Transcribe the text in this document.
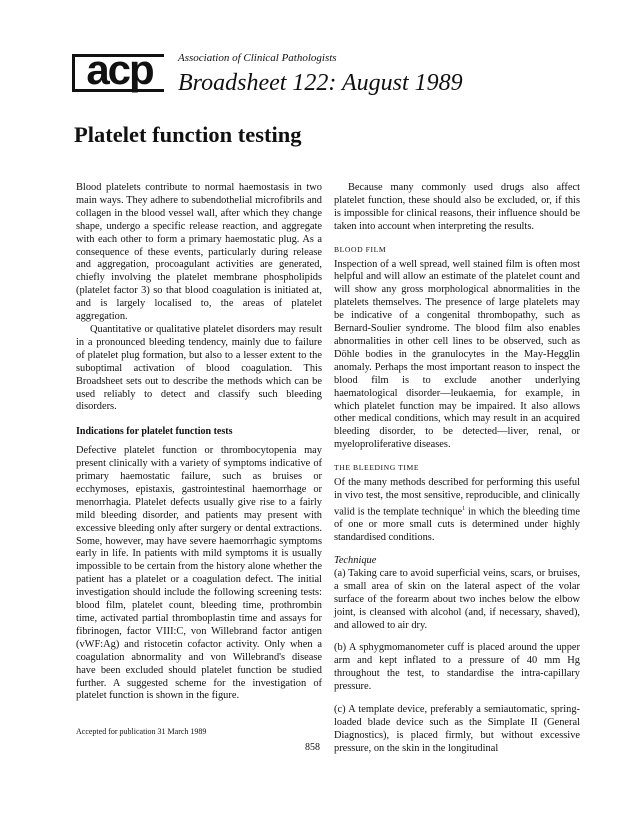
acp Association of Clinical Pathologists
Broadsheet 122: August 1989
Platelet function testing

Blood platelets contribute to normal haemostasis in two main ways. They adhere to subendothelial microfibrils and collagen in the blood vessel wall, after which they change shape, undergo a specific release reaction, and aggregate with each other to form a primary haemostatic plug. As a consequence of these events, particularly during release and aggregation, procoagulant activities are generated, chiefly involving the platelet membrane phospholipids (platelet factor 3) so that blood coagulation is initiated at, and is largely localised to, the areas of platelet aggregation.

Quantitative or qualitative platelet disorders may result in a pronounced bleeding tendency, mainly due to failure of platelet plug formation, but also to a lesser extent to the suboptimal activation of blood coagulation. This Broadsheet sets out to describe the methods which can be used reliably to detect and classify such bleeding disorders.

Indications for platelet function tests

Defective platelet function or thrombocytopenia may present clinically with a variety of symptoms indicative of primary haemostatic failure, such as bruises or ecchymoses, epistaxis, gastrointestinal haemorrhage or menorrhagia. Platelet defects usually give rise to a fairly mild bleeding disorder, and patients may present with excessive bleeding only after surgery or dental extractions. Some, however, may have severe haemorrhagic symptoms early in life. In patients with mild symptoms it is usually impossible to be certain from the history alone whether the patient has a platelet or a coagulation defect. The initial investigation should include the following screening tests: blood film, platelet count, bleeding time, prothrombin time, activated partial thromboplastin time and assays for fibrinogen, factor VIII:C, von Willebrand factor antigen (vWF:Ag) and ristocetin cofactor activity. Only when a coagulation abnormality and von Willebrand's disease have been excluded should platelet function be studied further. A suggested scheme for the investigation of platelet function is shown in the figure.

Because many commonly used drugs also affect platelet function, these should also be excluded, or, if this is impossible for clinical reasons, their influence should be taken into account when interpreting the results.

BLOOD FILM

Inspection of a well spread, well stained film is often most helpful and will allow an estimate of the platelet count and will show any gross morphological abnormalities in the platelets themselves. The presence of large platelets may be indicative of a congenital thrombopathy, such as Bernard-Soulier syndrome. The blood film also enables abnormalities in other cell lines to be observed, such as Döhle bodies in the granulocytes in the May-Hegglin anomaly. Perhaps the most important reason to inspect the blood film is to exclude another underlying haematological disorder—leukaemia, for example, in which platelet function may be impaired. It also allows other medical conditions, which may result in an acquired bleeding disorder, to be detected—liver, renal, or myeloproliferative diseases.

THE BLEEDING TIME

Of the many methods described for performing this useful in vivo test, the most sensitive, reproducible, and clinically valid is the template technique$^1$ in which the bleeding time of one or more small cuts is determined under highly standardised conditions.

Technique

(a) Taking care to avoid superficial veins, scars, or bruises, a small area of skin on the lateral aspect of the volar surface of the forearm about two inches below the elbow joint, is cleansed with alcohol (and, if necessary, shaved), and allowed to air dry.

(b) A sphygmomanometer cuff is placed around the upper arm and kept inflated to a pressure of 40 mm Hg throughout the test, to standardise the intra-capillary pressure.

(c) A template device, preferably a semiautomatic, spring-loaded blade device such as the Simplate II (General Diagnostics), is placed firmly, but without excessive pressure, on the skin in the longitudinal

Accepted for publication 31 March 1989
858
